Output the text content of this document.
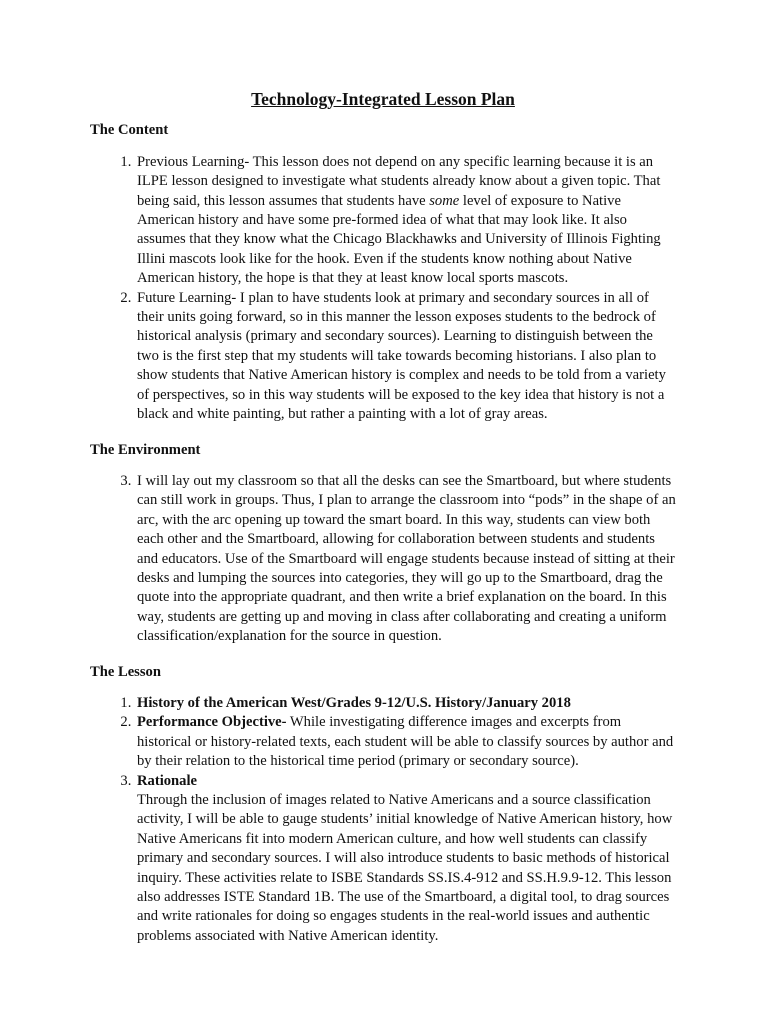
Technology-Integrated Lesson Plan
The Content
1. Previous Learning- This lesson does not depend on any specific learning because it is an ILPE lesson designed to investigate what students already know about a given topic. That being said, this lesson assumes that students have some level of exposure to Native American history and have some pre-formed idea of what that may look like. It also assumes that they know what the Chicago Blackhawks and University of Illinois Fighting Illini mascots look like for the hook. Even if the students know nothing about Native American history, the hope is that they at least know local sports mascots.
2. Future Learning- I plan to have students look at primary and secondary sources in all of their units going forward, so in this manner the lesson exposes students to the bedrock of historical analysis (primary and secondary sources). Learning to distinguish between the two is the first step that my students will take towards becoming historians. I also plan to show students that Native American history is complex and needs to be told from a variety of perspectives, so in this way students will be exposed to the key idea that history is not a black and white painting, but rather a painting with a lot of gray areas.
The Environment
3. I will lay out my classroom so that all the desks can see the Smartboard, but where students can still work in groups. Thus, I plan to arrange the classroom into “pods” in the shape of an arc, with the arc opening up toward the smart board. In this way, students can view both each other and the Smartboard, allowing for collaboration between students and students and educators. Use of the Smartboard will engage students because instead of sitting at their desks and lumping the sources into categories, they will go up to the Smartboard, drag the quote into the appropriate quadrant, and then write a brief explanation on the board. In this way, students are getting up and moving in class after collaborating and creating a uniform classification/explanation for the source in question.
The Lesson
1. History of the American West/Grades 9-12/U.S. History/January 2018
2. Performance Objective- While investigating difference images and excerpts from historical or history-related texts, each student will be able to classify sources by author and by their relation to the historical time period (primary or secondary source).
3. Rationale
Through the inclusion of images related to Native Americans and a source classification activity, I will be able to gauge students’ initial knowledge of Native American history, how Native Americans fit into modern American culture, and how well students can classify primary and secondary sources. I will also introduce students to basic methods of historical inquiry. These activities relate to ISBE Standards SS.IS.4-912 and SS.H.9.9-12. This lesson also addresses ISTE Standard 1B. The use of the Smartboard, a digital tool, to drag sources and write rationales for doing so engages students in the real-world issues and authentic problems associated with Native American identity.
